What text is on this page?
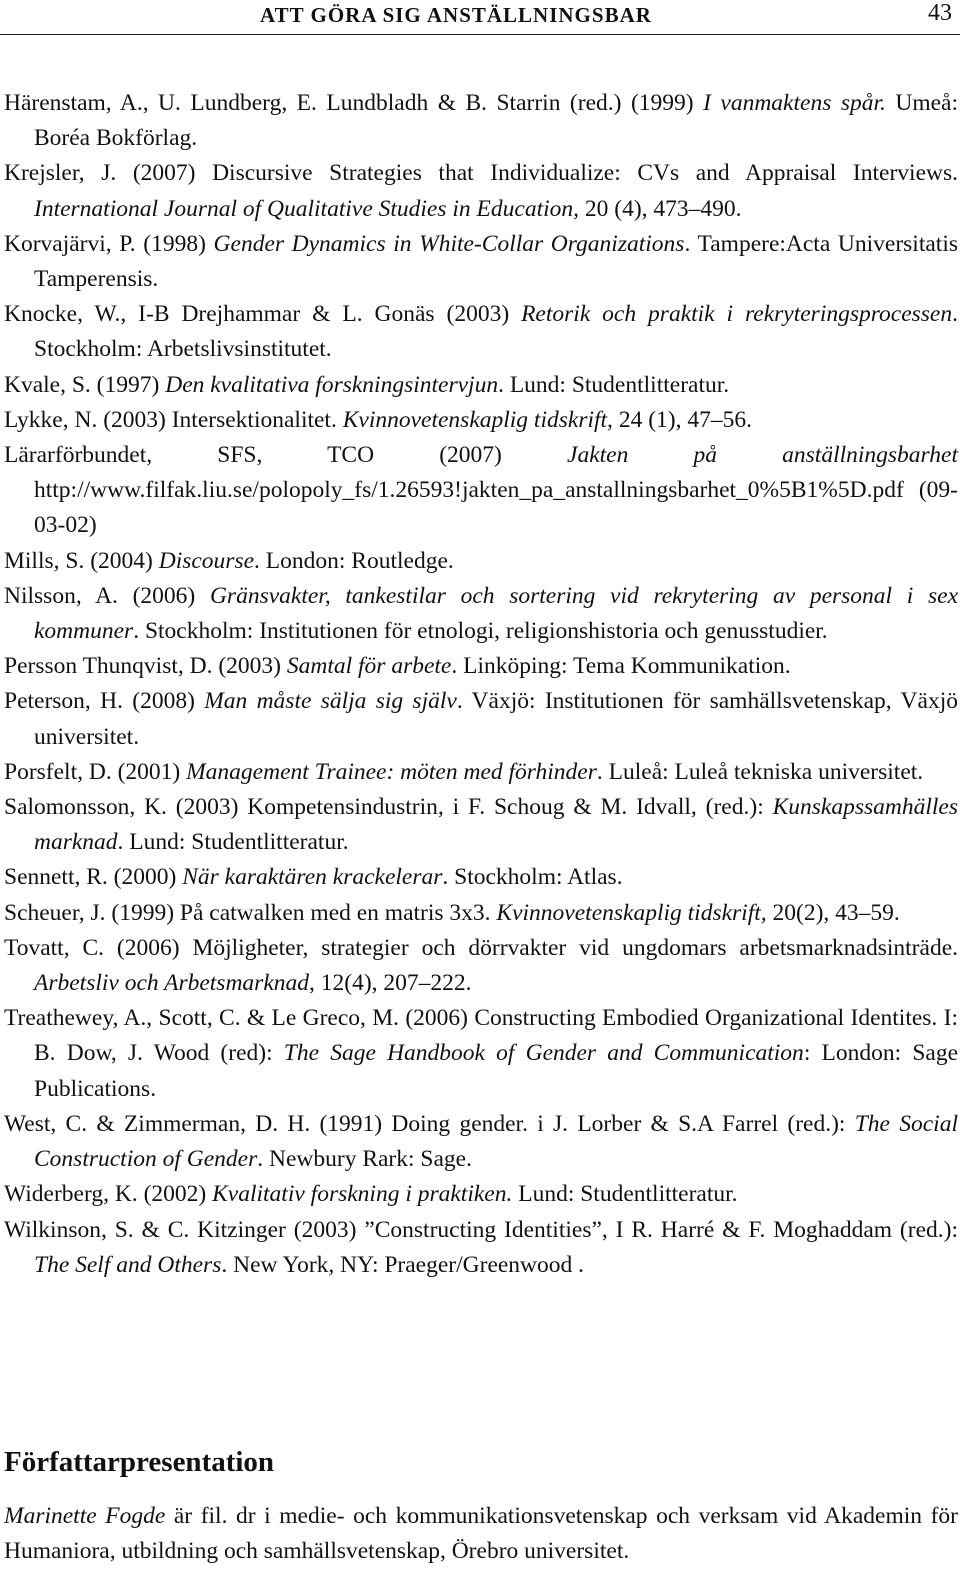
ATT GÖRA SIG ANSTÄLLNINGSBAR	43
Härenstam, A., U. Lundberg, E. Lundbladh & B. Starrin (red.) (1999) I vanmaktens spår. Umeå: Boréa Bokförlag.
Krejsler, J. (2007) Discursive Strategies that Individualize: CVs and Appraisal Interviews. International Journal of Qualitative Studies in Education, 20 (4), 473–490.
Korvajärvi, P. (1998) Gender Dynamics in White-Collar Organizations. Tampere:Acta Universitatis Tamperensis.
Knocke, W., I-B Drejhammar & L. Gonäs (2003) Retorik och praktik i rekryteringsprocessen. Stockholm: Arbetslivsinstitutet.
Kvale, S. (1997) Den kvalitativa forskningsintervjun. Lund: Studentlitteratur.
Lykke, N. (2003) Intersektionalitet. Kvinnovetenskaplig tidskrift, 24 (1), 47–56.
Lärarförbundet, SFS, TCO (2007) Jakten på anställningsbarhet http://www.filfak.liu.se/polopoly_fs/1.26593!jakten_pa_anstallningsbarhet_0%5B1%5D.pdf (09-03-02)
Mills, S. (2004) Discourse. London: Routledge.
Nilsson, A. (2006) Gränsvakter, tankestilar och sortering vid rekrytering av personal i sex kommuner. Stockholm: Institutionen för etnologi, religionshistoria och genusstudier.
Persson Thunqvist, D. (2003) Samtal för arbete. Linköping: Tema Kommunikation.
Peterson, H. (2008) Man måste sälja sig själv. Växjö: Institutionen för samhällsvetenskap, Växjö universitet.
Porsfelt, D. (2001) Management Trainee: möten med förhinder. Luleå: Luleå tekniska universitet.
Salomonsson, K. (2003) Kompetensindustrin, i F. Schoug & M. Idvall, (red.): Kunskapssamhälles marknad. Lund: Studentlitteratur.
Sennett, R. (2000) När karaktären krackelerar. Stockholm: Atlas.
Scheuer, J. (1999) På catwalken med en matris 3x3. Kvinnovetenskaplig tidskrift, 20(2), 43–59.
Tovatt, C. (2006) Möjligheter, strategier och dörrvakter vid ungdomars arbetsmarknadsinträde. Arbetsliv och Arbetsmarknad, 12(4), 207–222.
Treathewey, A., Scott, C. & Le Greco, M. (2006) Constructing Embodied Organizational Identites. I: B. Dow, J. Wood (red): The Sage Handbook of Gender and Communication: London: Sage Publications.
West, C. & Zimmerman, D. H. (1991) Doing gender. i J. Lorber & S.A Farrel (red.): The Social Construction of Gender. Newbury Rark: Sage.
Widerberg, K. (2002) Kvalitativ forskning i praktiken. Lund: Studentlitteratur.
Wilkinson, S. & C. Kitzinger (2003) ”Constructing Identities”, I R. Harré & F. Moghaddam (red.): The Self and Others. New York, NY: Praeger/Greenwood .
Författarpresentation

Marinette Fogde är fil. dr i medie- och kommunikationsvetenskap och verksam vid Akademin för Humaniora, utbildning och samhällsvetenskap, Örebro universitet.
